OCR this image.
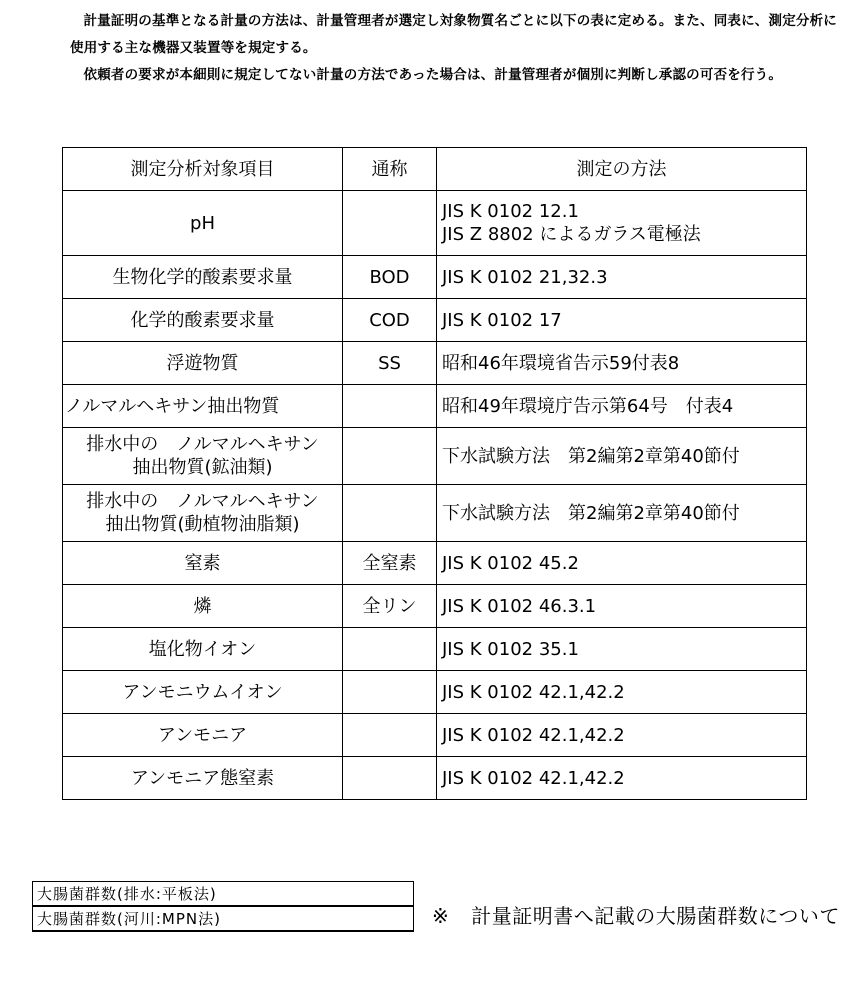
計量証明の基準となる計量の方法は、計量管理者が選定し対象物質名ごとに以下の表に定める。また、同表に、測定分析に使用する主な機器又装置等を規定する。

依頼者の要求が本細則に規定してない計量の方法であった場合は、計量管理者が個別に判断し承認の可否を行う。

測定分析対象項目	通称	測定の方法
pH		JIS K 0102 12.1
JIS Z 8802 によるガラス電極法

生物化学的酸素要求量	BOD	JIS K 0102 21,32.3
化学的酸素要求量	COD	JIS K 0102 17
浮遊物質	SS	昭和46年環境省告示59付表8
ノルマルヘキサン抽出物質		昭和49年環境庁告示第64号　付表4

排水中の　ノルマルヘキサン
抽出物質(鉱油類)		下水試験方法　第2編第2章第40節付

排水中の　ノルマルヘキサン
抽出物質(動植物油脂類)		下水試験方法　第2編第2章第40節付
窒素	全窒素	JIS K 0102 45.2
燐	全リン	JIS K 0102 46.3.1
塩化物イオン		JIS K 0102 35.1
アンモニウムイオン		JIS K 0102 42.1,42.2
アンモニア		JIS K 0102 42.1,42.2
アンモニア態窒素		JIS K 0102 42.1,42.2
大腸菌群数(排水:平板法)
大腸菌群数(河川:MPN法)	※ 計量証明書へ記載の大腸菌群数について
